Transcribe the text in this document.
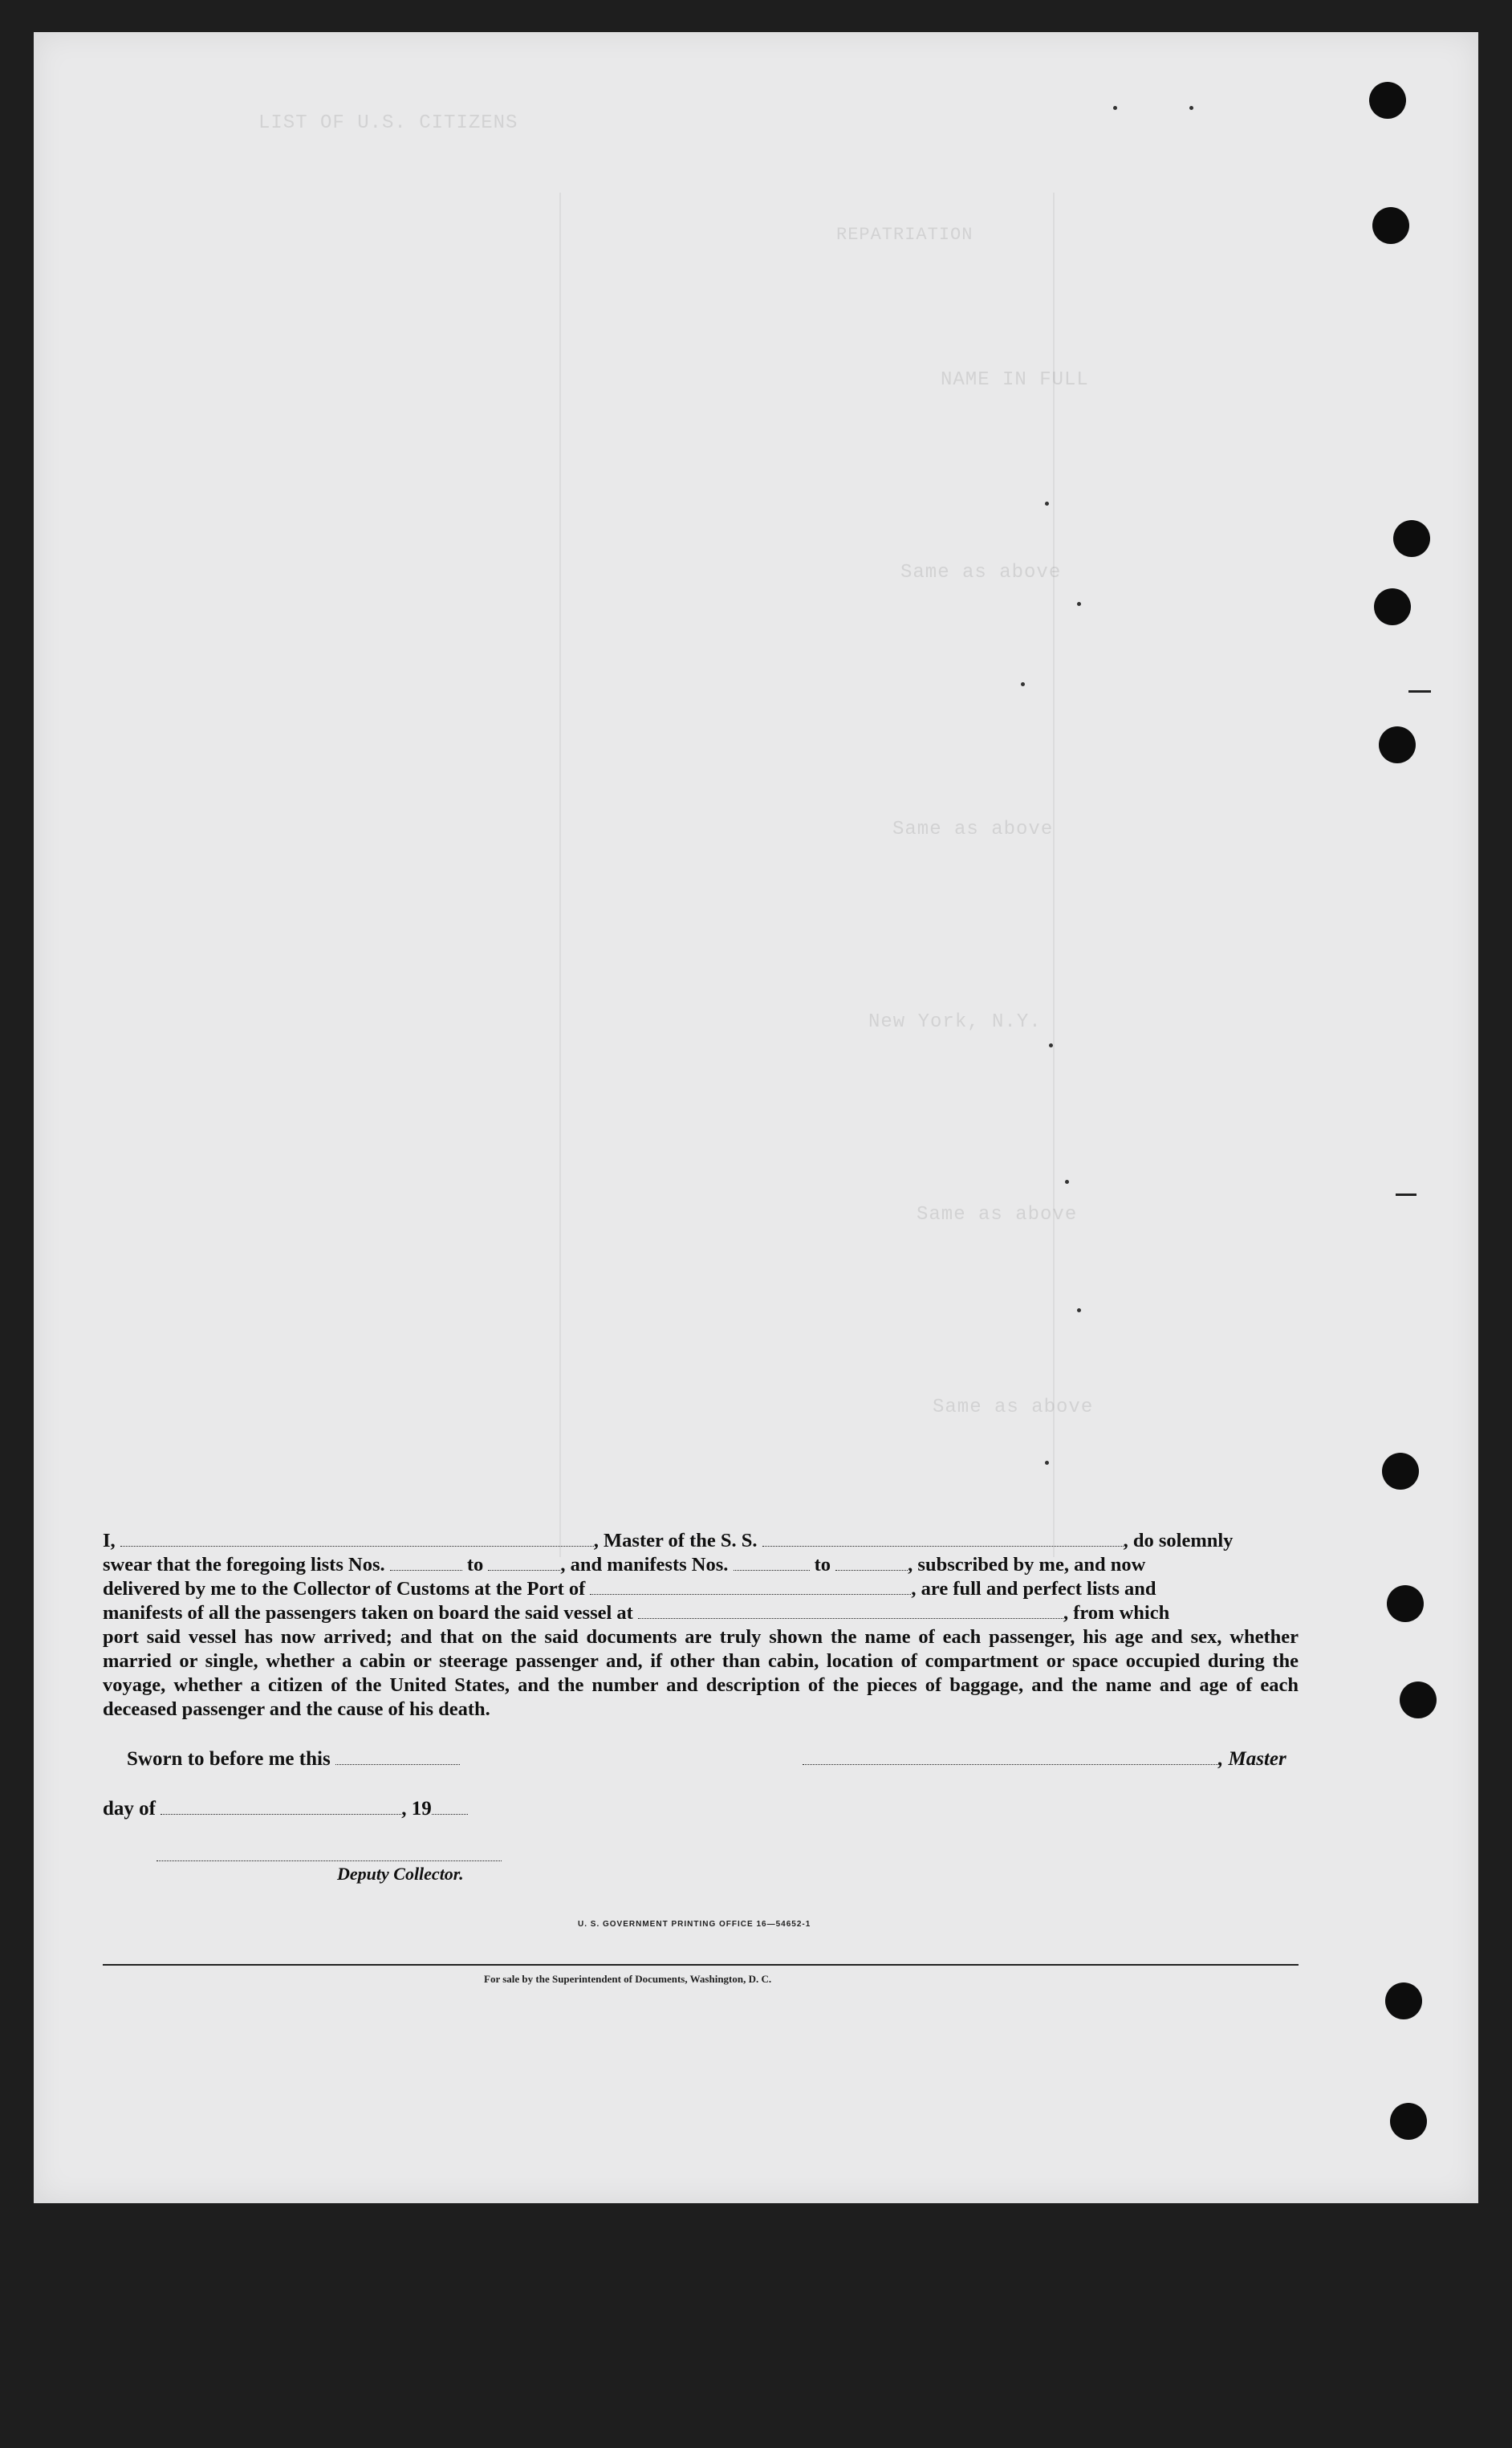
LIST OF U.S. CITIZENS
REPATRIATION
NAME IN FULL
Same as above
Same as above
New York, N.Y.
Same as above
Same as above

I,	, Master of the S. S.	, do solemnly

swear that the foregoing lists Nos.	to	, and manifests Nos.	to	, subscribed by me, and now

delivered by me to the Collector of Customs at the Port of	, are full and perfect lists and

manifests of all the passengers taken on board the said vessel at	, from which

port said vessel has now arrived; and that on the said documents are truly shown the name of each passenger, his age and sex, whether married or single, whether a cabin or steerage passenger and, if other than cabin, location of compartment or space occupied during the voyage, whether a citizen of the United States, and the number and description of the pieces of baggage, and the name and age of each deceased passenger and the cause of his death.

Sworn to before me this	, Master
day of	, 19
Deputy Collector.
U. S. GOVERNMENT PRINTING OFFICE 16—54652-1
For sale by the Superintendent of Documents, Washington, D. C.
